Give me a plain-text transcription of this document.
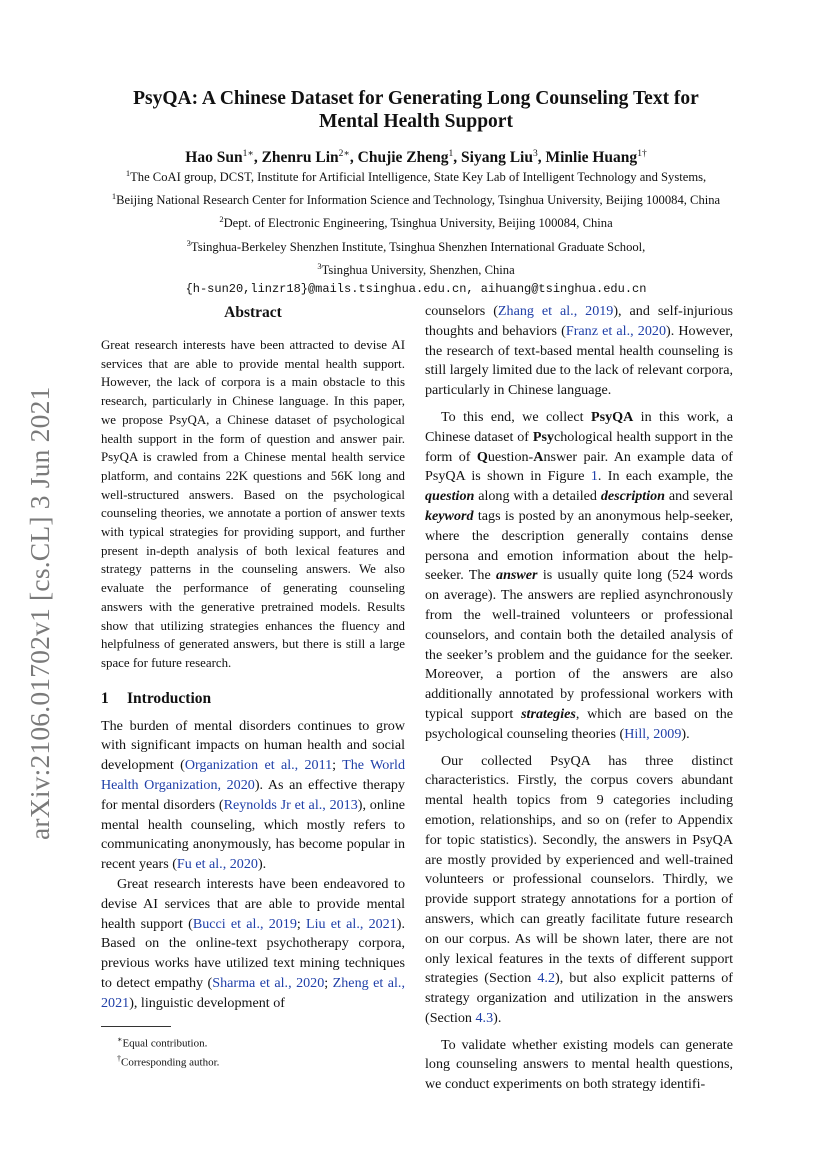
arXiv:2106.01702v1 [cs.CL] 3 Jun 2021
PsyQA: A Chinese Dataset for Generating Long Counseling Text for
Mental Health Support
Hao Sun$^{1∗}$, Zhenru Lin$^{2∗}$, Chujie Zheng$^1$, Siyang Liu$^3$, Minlie Huang$^{1\dagger}$
$^1$The CoAI group, DCST, Institute for Artificial Intelligence, State Key Lab of Intelligent Technology and Systems,
$^1$Beijing National Research Center for Information Science and Technology, Tsinghua University, Beijing 100084, China
$^2$Dept. of Electronic Engineering, Tsinghua University, Beijing 100084, China
$^3$Tsinghua-Berkeley Shenzhen Institute, Tsinghua Shenzhen International Graduate School,
$^3$Tsinghua University, Shenzhen, China
{h-sun20,linzr18}@mails.tsinghua.edu.cn, aihuang@tsinghua.edu.cn
Abstract

Great research interests have been attracted to devise AI services that are able to provide mental health support. However, the lack of corpora is a main obstacle to this research, particularly in Chinese language. In this paper, we propose PsyQA, a Chinese dataset of psychological health support in the form of question and answer pair. PsyQA is crawled from a Chinese mental health service platform, and contains 22K questions and 56K long and well-structured answers. Based on the psychological counseling theories, we annotate a portion of answer texts with typical strategies for providing support, and further present in-depth analysis of both lexical features and strategy patterns in the counseling answers. We also evaluate the performance of generating counseling answers with the generative pretrained models. Results show that utilizing strategies enhances the fluency and helpfulness of generated answers, but there is still a large space for future research.

1 Introduction

The burden of mental disorders continues to grow with significant impacts on human health and social development (Organization et al., 2011; The World Health Organization, 2020). As an effective therapy for mental disorders (Reynolds Jr et al., 2013), online mental health counseling, which mostly refers to communicating anonymously, has become popular in recent years (Fu et al., 2020).

Great research interests have been endeavored to devise AI services that are able to provide mental health support (Bucci et al., 2019; Liu et al., 2021). Based on the online-text psychotherapy corpora, previous works have utilized text mining techniques to detect empathy (Sharma et al., 2020; Zheng et al., 2021), linguistic development of

∗Equal contribution.
†Corresponding author.

counselors (Zhang et al., 2019), and self-injurious thoughts and behaviors (Franz et al., 2020). However, the research of text-based mental health counseling is still largely limited due to the lack of relevant corpora, particularly in Chinese language.

To this end, we collect PsyQA in this work, a Chinese dataset of Psychological health support in the form of Question-Answer pair. An example data of PsyQA is shown in Figure 1. In each example, the question along with a detailed description and several keyword tags is posted by an anonymous help-seeker, where the description generally contains dense persona and emotion information about the help-seeker. The answer is usually quite long (524 words on average). The answers are replied asynchronously from the well-trained volunteers or professional counselors, and contain both the detailed analysis of the seeker’s problem and the guidance for the seeker. Moreover, a portion of the answers are also additionally annotated by professional workers with typical support strategies, which are based on the psychological counseling theories (Hill, 2009).

Our collected PsyQA has three distinct characteristics. Firstly, the corpus covers abundant mental health topics from 9 categories including emotion, relationships, and so on (refer to Appendix for topic statistics). Secondly, the answers in PsyQA are mostly provided by experienced and well-trained volunteers or professional counselors. Thirdly, we provide support strategy annotations for a portion of answers, which can greatly facilitate future research on our corpus. As will be shown later, there are not only lexical features in the texts of different support strategies (Section 4.2), but also explicit patterns of strategy organization and utilization in the answers (Section 4.3).

To validate whether existing models can generate long counseling answers to mental health questions, we conduct experiments on both strategy identifi-
